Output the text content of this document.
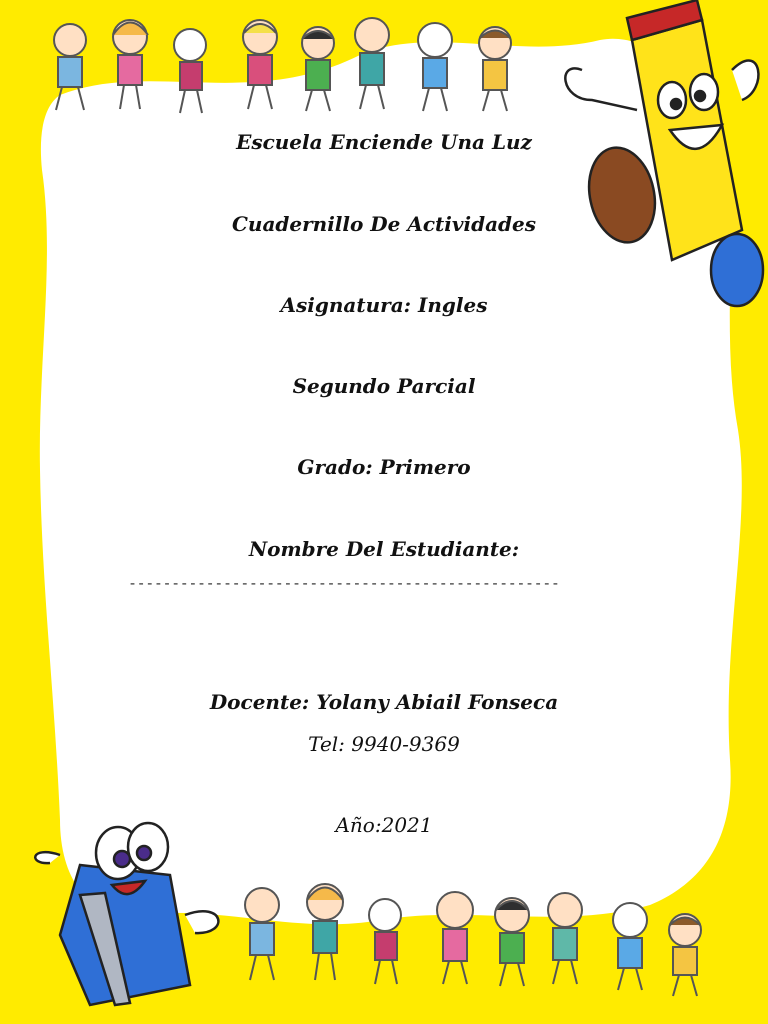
Escuela Enciende Una Luz
Cuadernillo De Actividades
Asignatura: Ingles
Segundo Parcial
Grado: Primero
Nombre Del Estudiante:
--------------------------------------------------
Docente: Yolany Abiail Fonseca
Tel: 9940-9369
Año:2021
